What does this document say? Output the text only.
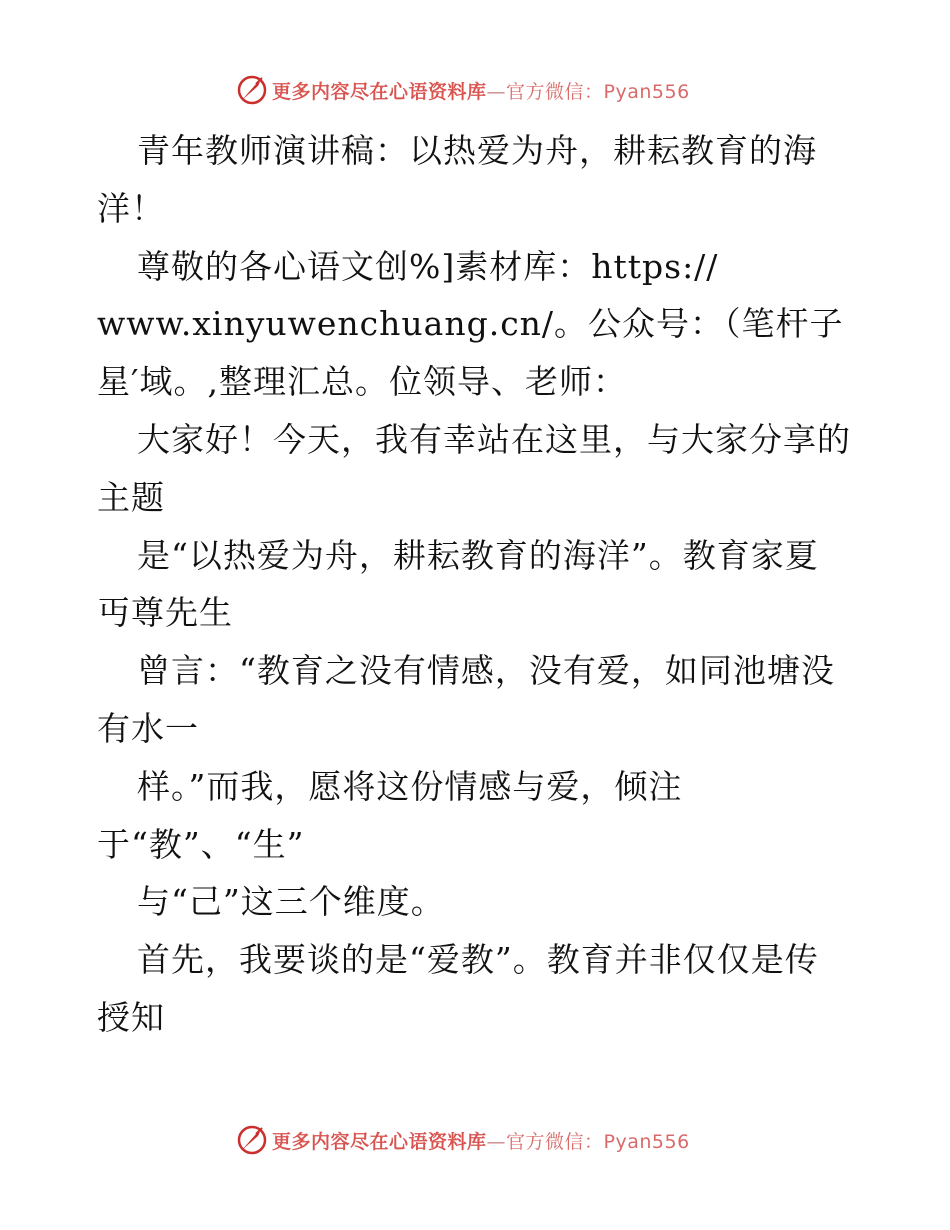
更多内容尽在心语资料库—官方微信：Pyan556
青年教师演讲稿：以热爱为舟，耕耘教育的海
洋！
尊敬的各心语文创%]素材库：https://
www.xinyuwenchuang.cn/。公众号：（笔杆子
星′域。,整理汇总。位领导、老师：
大家好！今天，我有幸站在这里，与大家分享的
主题
是“以热爱为舟，耕耘教育的海洋”。教育家夏
丏尊先生
曾言：“教育之没有情感，没有爱，如同池塘没
有水一
样。”而我，愿将这份情感与爱，倾注
于“教”、“生”
与“己”这三个维度。
首先，我要谈的是“爱教”。教育并非仅仅是传
授知
更多内容尽在心语资料库—官方微信：Pyan556
